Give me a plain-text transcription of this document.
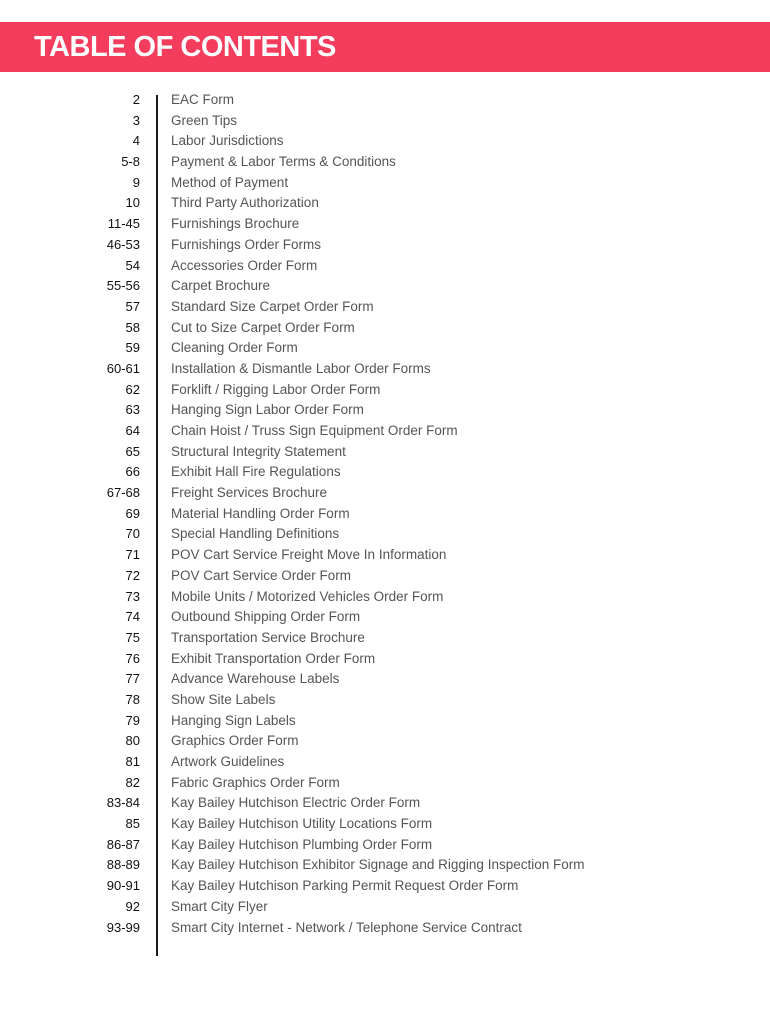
TABLE OF CONTENTS
2 EAC Form
3 Green Tips
4 Labor Jurisdictions
5-8 Payment & Labor Terms & Conditions
9 Method of Payment
10 Third Party Authorization
11-45 Furnishings Brochure
46-53 Furnishings Order Forms
54 Accessories Order Form
55-56 Carpet Brochure
57 Standard Size Carpet Order Form
58 Cut to Size Carpet Order Form
59 Cleaning Order Form
60-61 Installation & Dismantle Labor Order Forms
62 Forklift / Rigging Labor Order Form
63 Hanging Sign Labor Order Form
64 Chain Hoist / Truss Sign Equipment Order Form
65 Structural Integrity Statement
66 Exhibit Hall Fire Regulations
67-68 Freight Services Brochure
69 Material Handling Order Form
70 Special Handling Definitions
71 POV Cart Service Freight Move In Information
72 POV Cart Service Order Form
73 Mobile Units / Motorized Vehicles Order Form
74 Outbound Shipping Order Form
75 Transportation Service Brochure
76 Exhibit Transportation Order Form
77 Advance Warehouse Labels
78 Show Site Labels
79 Hanging Sign Labels
80 Graphics Order Form
81 Artwork Guidelines
82 Fabric Graphics Order Form
83-84 Kay Bailey Hutchison Electric Order Form
85 Kay Bailey Hutchison Utility Locations Form
86-87 Kay Bailey Hutchison Plumbing Order Form
88-89 Kay Bailey Hutchison Exhibitor Signage and Rigging Inspection Form
90-91 Kay Bailey Hutchison Parking Permit Request Order Form
92 Smart City Flyer
93-99 Smart City Internet - Network / Telephone Service Contract
